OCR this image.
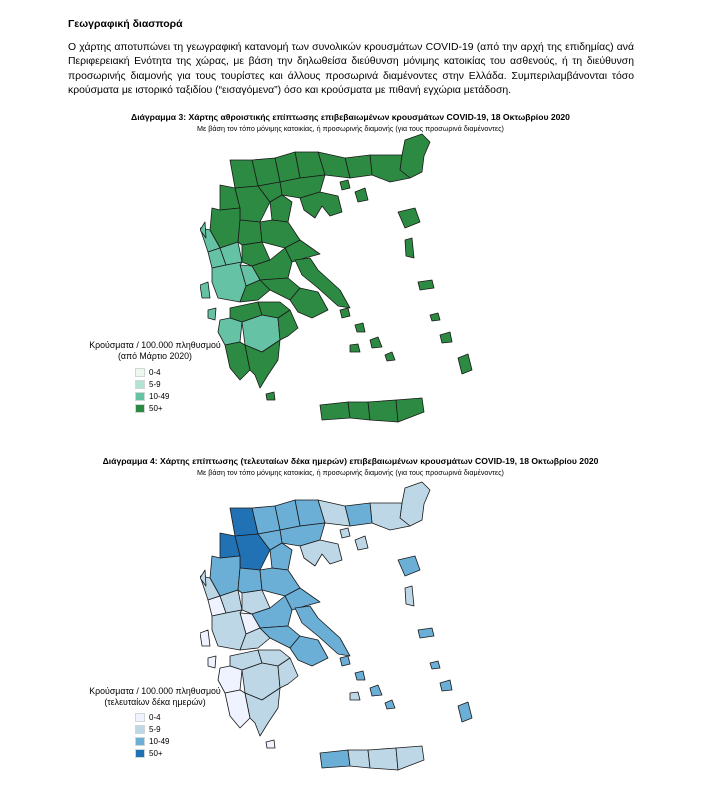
Γεωγραφική διασπορά
Ο χάρτης αποτυπώνει τη γεωγραφική κατανομή των συνολικών κρουσμάτων COVID-19 (από την αρχή της επιδημίας) ανά Περιφερειακή Ενότητα της χώρας, με βάση την δηλωθείσα διεύθυνση μόνιμης κατοικίας του ασθενούς, ή τη διεύθυνση προσωρινής διαμονής για τους τουρίστες και άλλους προσωρινά διαμένοντες στην Ελλάδα. Συμπεριλαμβάνονται τόσο κρούσματα με ιστορικό ταξιδίου (“εισαγόμενα”) όσο και κρούσματα με πιθανή εγχώρια μετάδοση.
Διάγραμμα 3: Χάρτης αθροιστικής επίπτωσης επιβεβαιωμένων κρουσμάτων COVID-19, 18 Οκτωβρίου 2020
Με βάση τον τόπο μόνιμης κατοικίας, ή προσωρινής διαμονής (για τους προσωρινά διαμένοντες)
Κρούσματα / 100.000 πληθυσμού
(από Μάρτιο 2020)
0-4
5-9
10-49
50+
Διάγραμμα 4: Χάρτης επίπτωσης (τελευταίων δέκα ημερών) επιβεβαιωμένων κρουσμάτων COVID-19, 18 Οκτωβρίου 2020
Με βάση τον τόπο μόνιμης κατοικίας, ή προσωρινής διαμονής (για τους προσωρινά διαμένοντες)
Κρούσματα / 100.000 πληθυσμού
(τελευταίων δέκα ημερών)
0-4
5-9
10-49
50+
